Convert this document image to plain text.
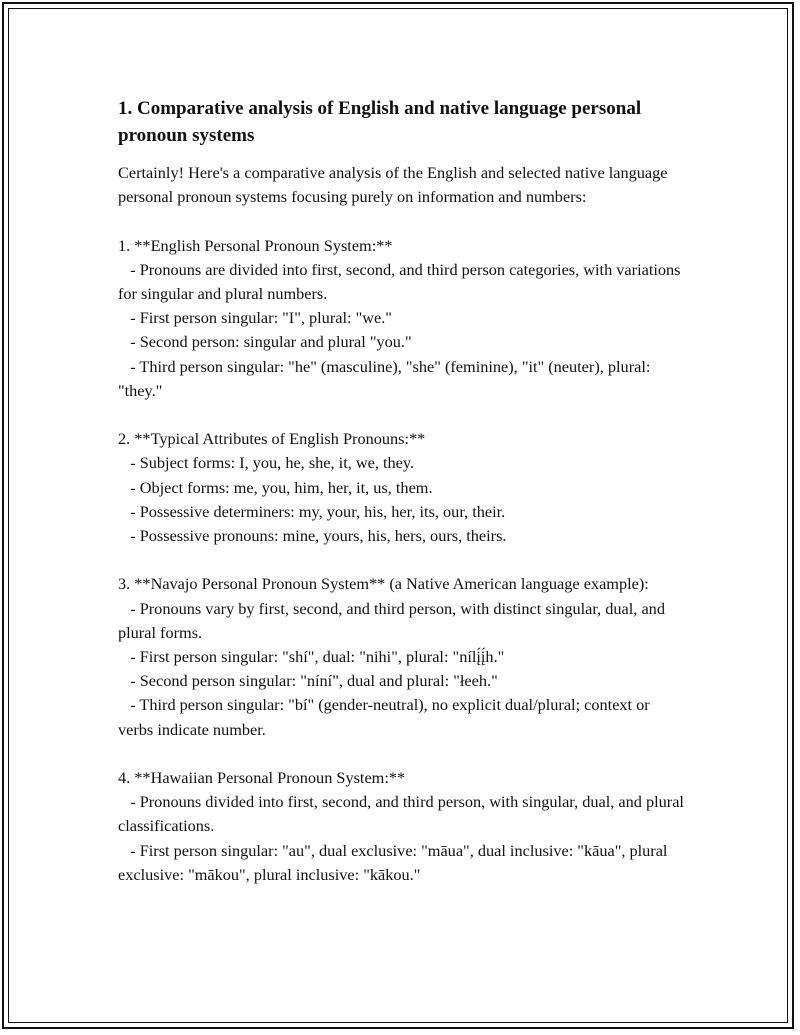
1. Comparative analysis of English and native language personal pronoun systems

Certainly! Here's a comparative analysis of the English and selected native language personal pronoun systems focusing purely on information and numbers:

1. **English Personal Pronoun System:**

- Pronouns are divided into first, second, and third person categories, with variations for singular and plural numbers.

- First person singular: "I", plural: "we."

- Second person: singular and plural "you."

- Third person singular: "he" (masculine), "she" (feminine), "it" (neuter), plural: "they."

2. **Typical Attributes of English Pronouns:**

- Subject forms: I, you, he, she, it, we, they.

- Object forms: me, you, him, her, it, us, them.

- Possessive determiners: my, your, his, her, its, our, their.

- Possessive pronouns: mine, yours, his, hers, ours, theirs.

3. **Navajo Personal Pronoun System** (a Native American language example):

- Pronouns vary by first, second, and third person, with distinct singular, dual, and plural forms.

- First person singular: "shí", dual: "nihi", plural: "nílį́į́h."

- Second person singular: "níní", dual and plural: "łeeh."

- Third person singular: "bí" (gender-neutral), no explicit dual/plural; context or verbs indicate number.

4. **Hawaiian Personal Pronoun System:**

- Pronouns divided into first, second, and third person, with singular, dual, and plural classifications.

- First person singular: "au", dual exclusive: "māua", dual inclusive: "kāua", plural exclusive: "mākou", plural inclusive: "kākou."
